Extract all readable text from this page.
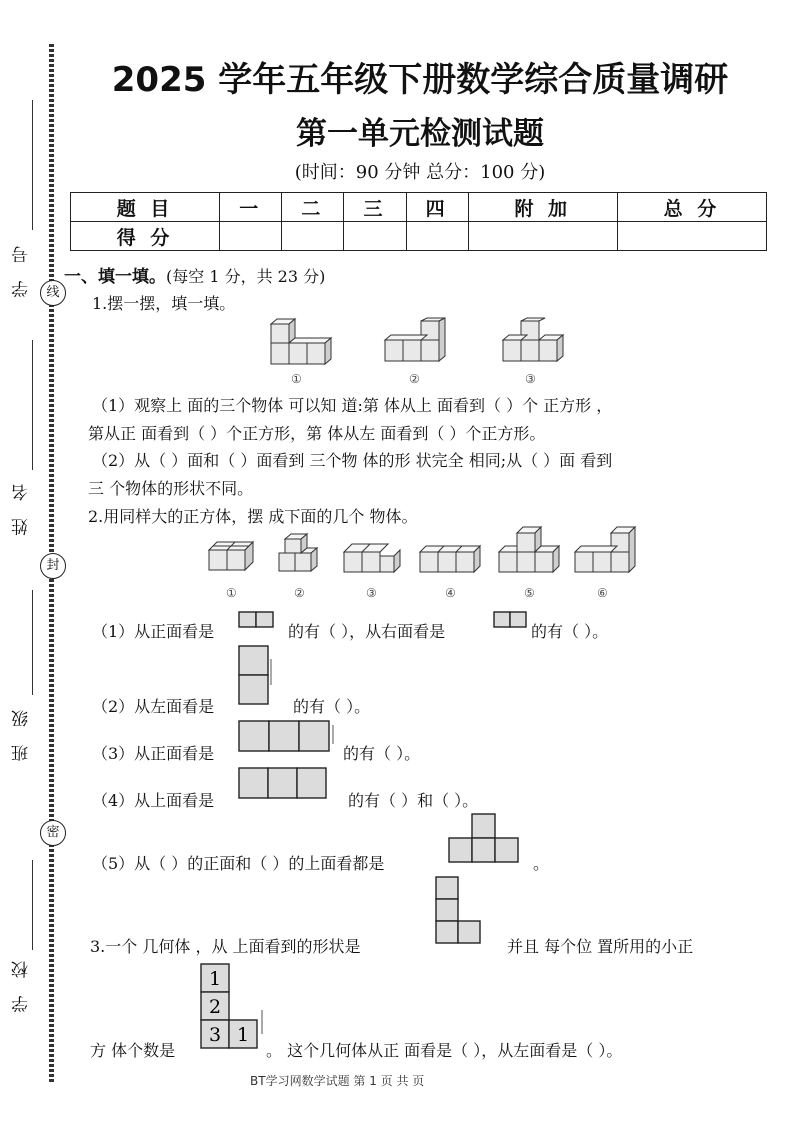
学 号
姓 名
班 级
学 校
线
封
密
2025 学年五年级下册数学综合质量调研
第一单元检测试题
(时间：90 分钟 总分：100 分)
题 目	一	二	三	四	附 加	总 分
得 分						
一、填一填。(每空 1 分，共 23 分)
1.摆一摆，填一填。
①	②	③
（1）观察上 面的三个物体 可以知 道:第 体从上 面看到（ ）个 正方形 ，
第从正 面看到（ ）个正方形，第 体从左 面看到（ ）个正方形。
（2）从（ ）面和（ ）面看到 三个物 体的形 状完全 相同;从（ ）面 看到
三 个物体的形状不同。
2.用同样大的正方体，摆 成下面的几个 物体。
①	②	③	④	⑤	⑥
（1）从正面看是	的有（ ），从右面看是	的有（ ）。
（2）从左面看是	的有（ ）。
（3）从正面看是	的有（ ）。
（4）从上面看是	的有（ ）和（ ）。
（5）从（ ）的正面和（ ）的上面看都是	。
3.一个 几何体 ，从 上面看到的形状是	并且 每个位 置所用的小正
1
2
3 1
方 体个数是	。 这个几何体从正 面看是（ ），从左面看是（ ）。
BT学习网数学试题 第 1 页 共 页
